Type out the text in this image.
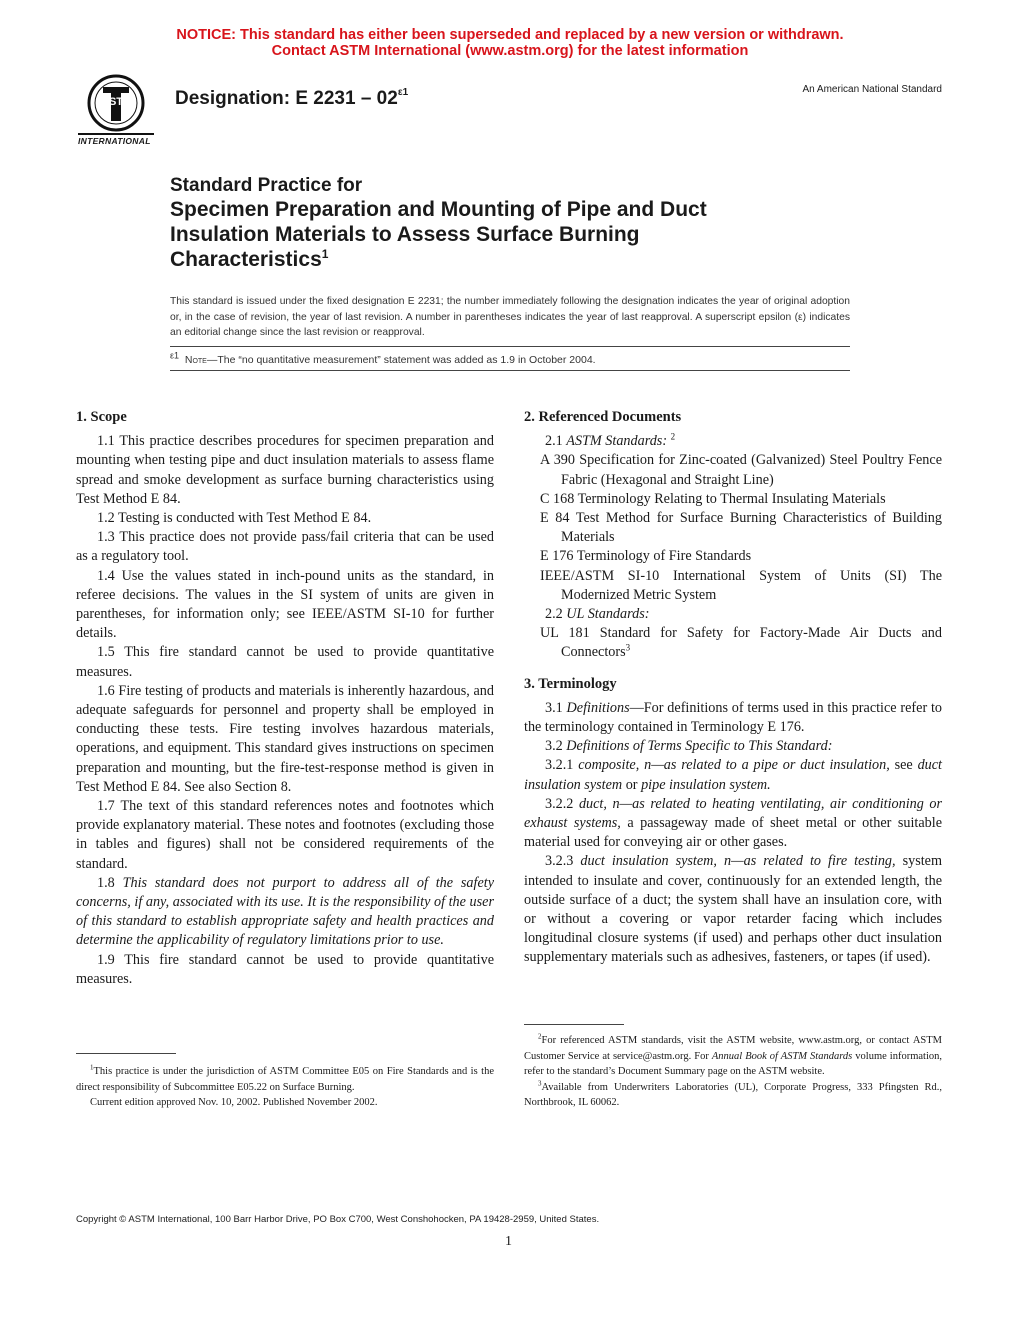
NOTICE: This standard has either been superseded and replaced by a new version or withdrawn.
Contact ASTM International (www.astm.org) for the latest information
INTERNATIONAL
ASTM Designation: E $2231 - 02^{\varepsilon 1}$	An American National Standard
Standard Practice for
Specimen Preparation and Mounting of Pipe and Duct
Insulation Materials to Assess Surface Burning
Characteristics$^1$
This standard is issued under the fixed designation E 2231; the number immediately following the designation indicates the year of original adoption or, in the case of revision, the year of last revision. A number in parentheses indicates the year of last reapproval. A superscript epsilon (ε) indicates an editorial change since the last revision or reapproval.
$^{\varepsilon 1}$ Note—The “no quantitative measurement” statement was added as 1.9 in October 2004.
1. Scope

1.1 This practice describes procedures for specimen preparation and mounting when testing pipe and duct insulation materials to assess flame spread and smoke development as surface burning characteristics using Test Method E 84.

1.2 Testing is conducted with Test Method E 84.

1.3 This practice does not provide pass/fail criteria that can be used as a regulatory tool.

1.4 Use the values stated in inch-pound units as the standard, in referee decisions. The values in the SI system of units are given in parentheses, for information only; see IEEE/ASTM SI-10 for further details.

1.5 This fire standard cannot be used to provide quantitative measures.

1.6 Fire testing of products and materials is inherently hazardous, and adequate safeguards for personnel and property shall be employed in conducting these tests. Fire testing involves hazardous materials, operations, and equipment. This standard gives instructions on specimen preparation and mounting, but the fire-test-response method is given in Test Method E 84. See also Section 8.

1.7 The text of this standard references notes and footnotes which provide explanatory material. These notes and footnotes (excluding those in tables and figures) shall not be considered requirements of the standard.

1.8 This standard does not purport to address all of the safety concerns, if any, associated with its use. It is the responsibility of the user of this standard to establish appropriate safety and health practices and determine the applicability of regulatory limitations prior to use.

1.9 This fire standard cannot be used to provide quantitative measures.

$^1$This practice is under the jurisdiction of ASTM Committee E05 on Fire Standards and is the direct responsibility of Subcommittee E05.22 on Surface Burning.

Current edition approved Nov. 10, 2002. Published November 2002.

2. Referenced Documents

2.1 ASTM Standards: $^2$

A 390 Specification for Zinc-coated (Galvanized) Steel Poultry Fence Fabric (Hexagonal and Straight Line)

C 168 Terminology Relating to Thermal Insulating Materials

E 84 Test Method for Surface Burning Characteristics of Building Materials

E 176 Terminology of Fire Standards

IEEE/ASTM SI-10 International System of Units (SI) The Modernized Metric System

2.2 UL Standards:

UL 181 Standard for Safety for Factory-Made Air Ducts and Connectors$^3$

3. Terminology

3.1 Definitions—For definitions of terms used in this practice refer to the terminology contained in Terminology E 176.

3.2 Definitions of Terms Specific to This Standard:

3.2.1 composite, n—as related to a pipe or duct insulation, see duct insulation system or pipe insulation system.

3.2.2 duct, n—as related to heating ventilating, air conditioning or exhaust systems, a passageway made of sheet metal or other suitable material used for conveying air or other gases.

3.2.3 duct insulation system, n—as related to fire testing, system intended to insulate and cover, continuously for an extended length, the outside surface of a duct; the system shall have an insulation core, with or without a covering or vapor retarder facing which includes longitudinal closure systems (if used) and perhaps other duct insulation supplementary materials such as adhesives, fasteners, or tapes (if used).

$^2$For referenced ASTM standards, visit the ASTM website, www.astm.org, or contact ASTM Customer Service at service@astm.org. For Annual Book of ASTM Standards volume information, refer to the standard’s Document Summary page on the ASTM website.

$^3$Available from Underwriters Laboratories (UL), Corporate Progress, 333 Pfingsten Rd., Northbrook, IL 60062.

Copyright © ASTM International, 100 Barr Harbor Drive, PO Box C700, West Conshohocken, PA 19428-2959, United States.
1
